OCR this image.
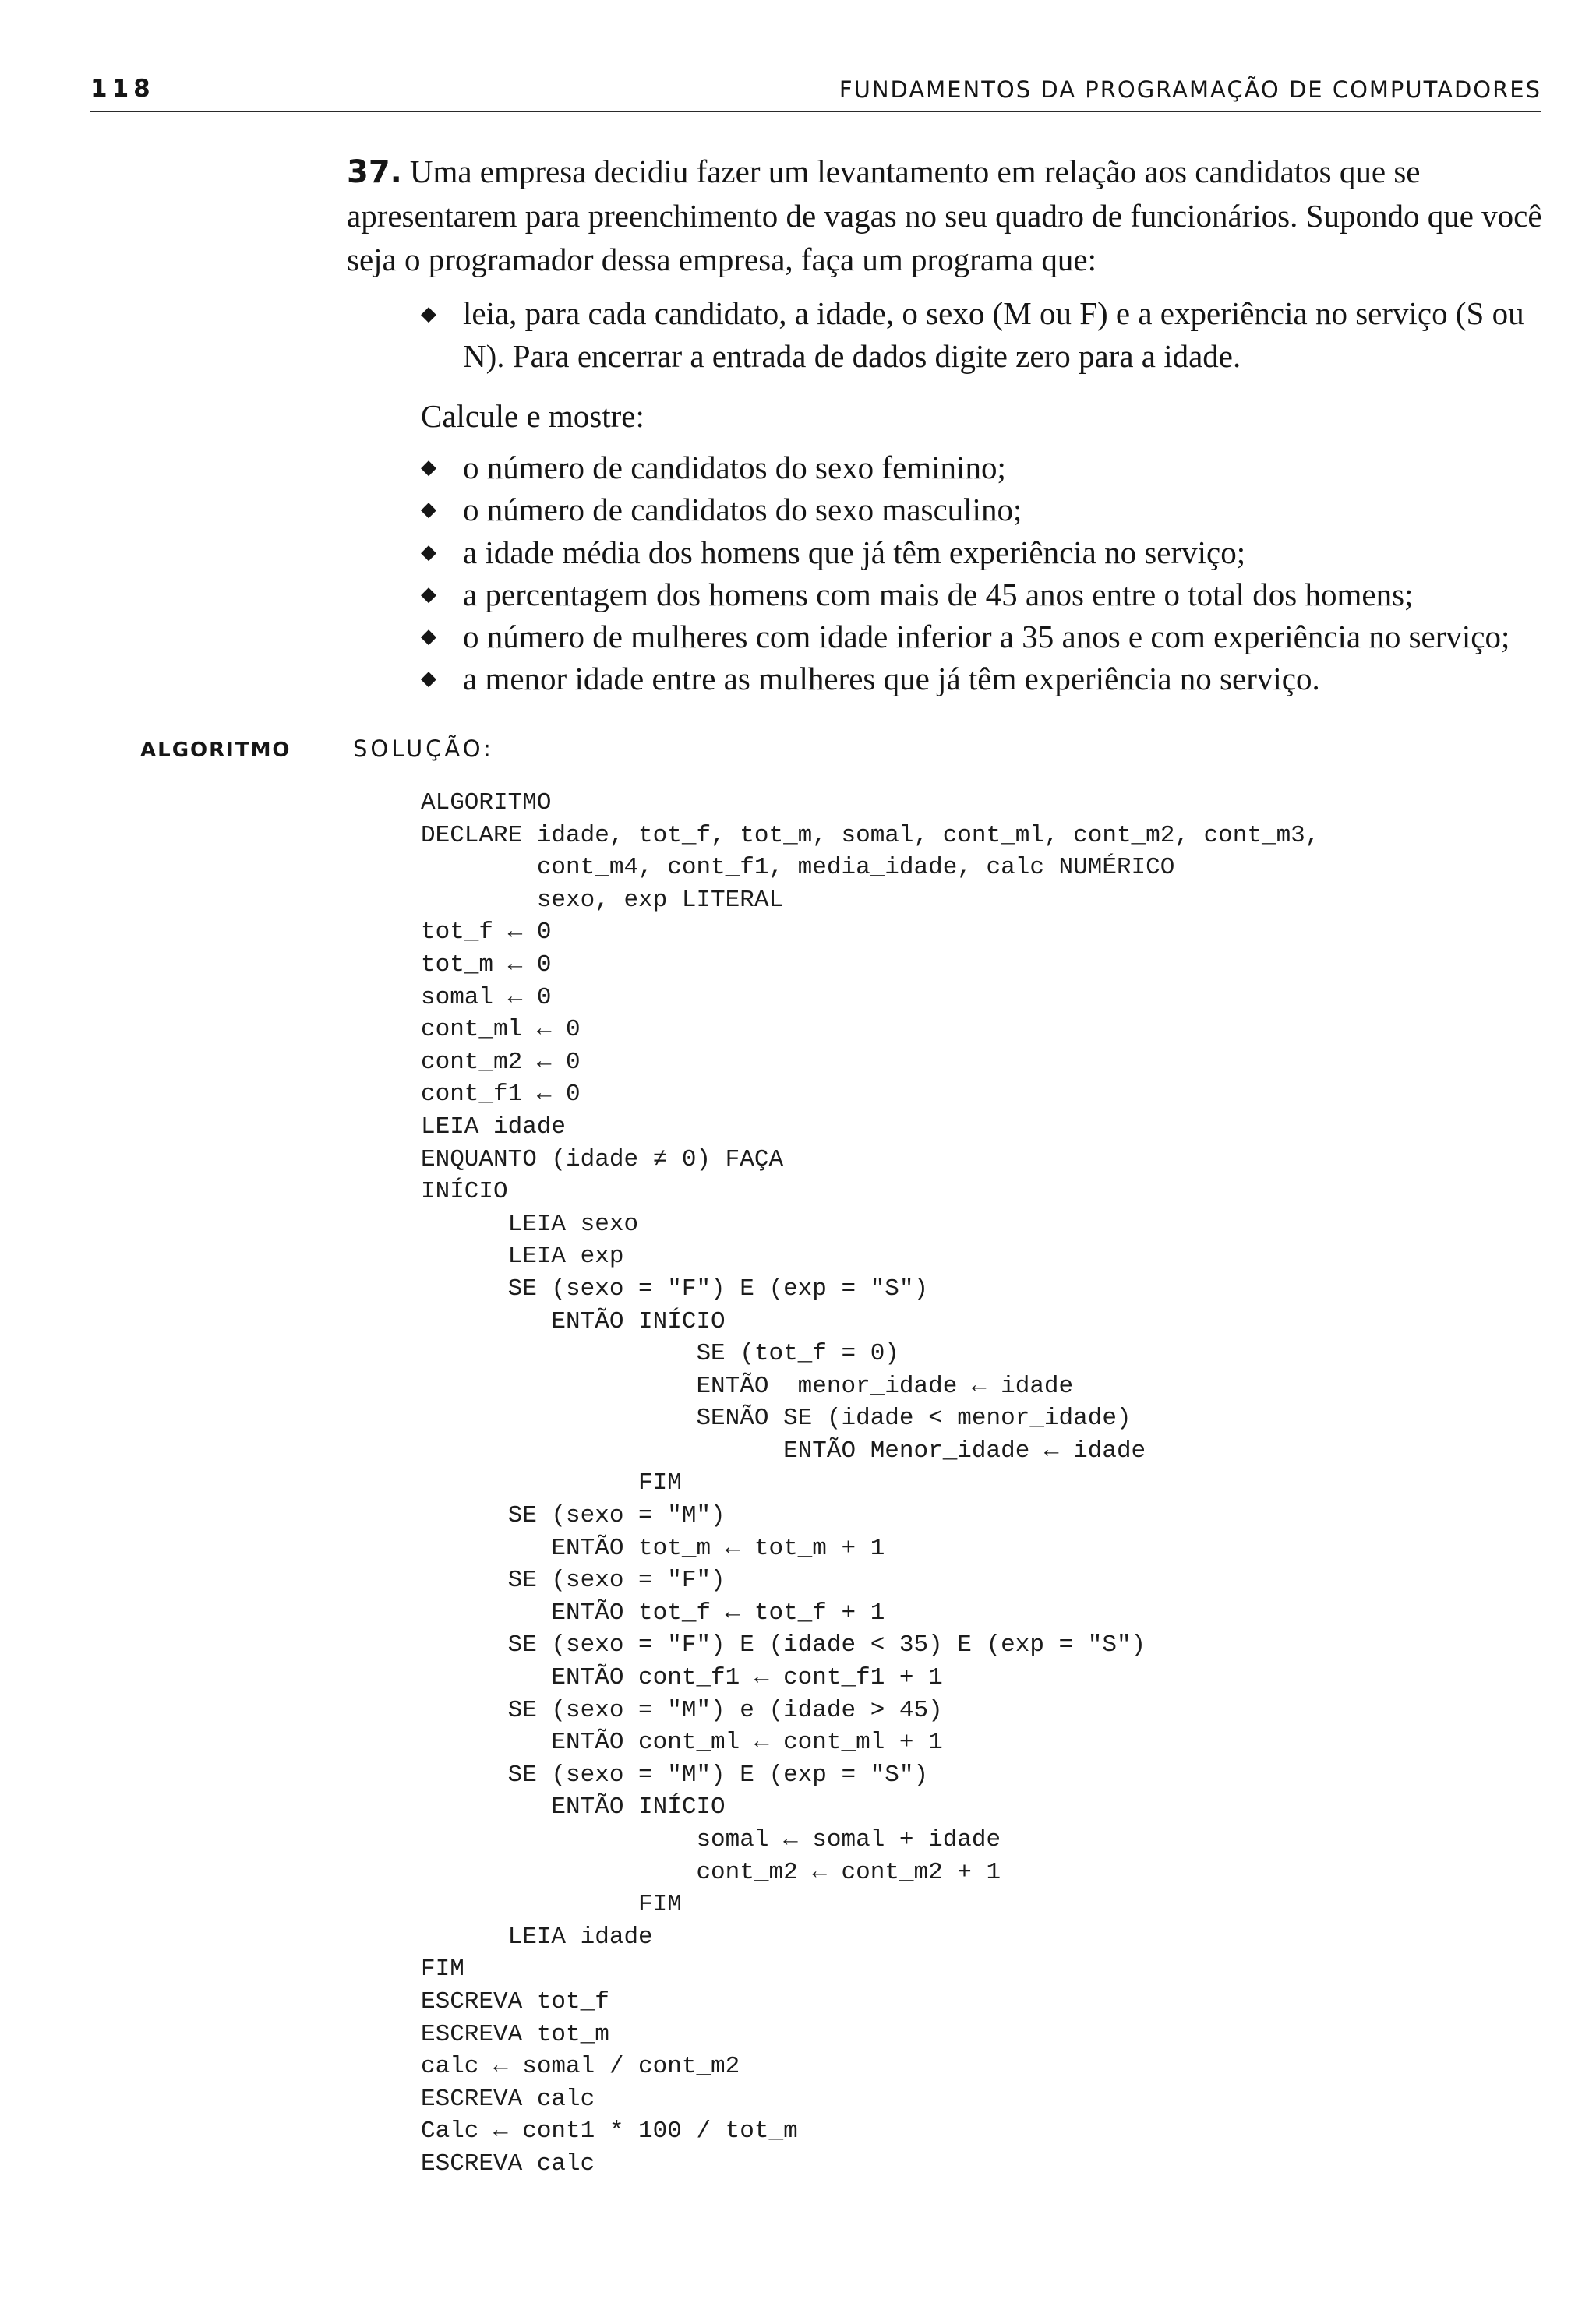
118	FUNDAMENTOS DA PROGRAMAÇÃO DE COMPUTADORES

37. Uma empresa decidiu fazer um levantamento em relação aos candidatos que se apresentarem para preenchimento de vagas no seu quadro de funcionários. Supondo que você seja o programador dessa empresa, faça um programa que:

◆ leia, para cada candidato, a idade, o sexo (M ou F) e a experiência no serviço (S ou N). Para encerrar a entrada de dados digite zero para a idade.
Calcule e mostre:
◆ o número de candidatos do sexo feminino;
◆ o número de candidatos do sexo masculino;
◆ a idade média dos homens que já têm experiência no serviço;
◆ a percentagem dos homens com mais de 45 anos entre o total dos homens;
◆ o número de mulheres com idade inferior a 35 anos e com experiência no serviço;
◆ a menor idade entre as mulheres que já têm experiência no serviço.
ALGORITMO	SOLUÇÃO:
ALGORITMO
DECLARE idade, tot_f, tot_m, somal, cont_ml, cont_m2, cont_m3,
cont_m4, cont_f1, media_idade, calc NUMÉRICO
sexo, exp LITERAL
tot_f ← 0
tot_m ← 0
somal ← 0
cont_ml ← 0
cont_m2 ← 0
cont_f1 ← 0
LEIA idade
ENQUANTO (idade ≠ 0) FAÇA
INÍCIO
LEIA sexo
LEIA exp
SE (sexo = "F") E (exp = "S")
ENTÃO INÍCIO
SE (tot_f = 0)
ENTÃO  menor_idade ← idade
SENÃO SE (idade < menor_idade)
ENTÃO Menor_idade ← idade
FIM
SE (sexo = "M")
ENTÃO tot_m ← tot_m + 1
SE (sexo = "F")
ENTÃO tot_f ← tot_f + 1
SE (sexo = "F") E (idade < 35) E (exp = "S")
ENTÃO cont_f1 ← cont_f1 + 1
SE (sexo = "M") e (idade > 45)
ENTÃO cont_ml ← cont_ml + 1
SE (sexo = "M") E (exp = "S")
ENTÃO INÍCIO
somal ← somal + idade
cont_m2 ← cont_m2 + 1
FIM
LEIA idade
FIM
ESCREVA tot_f
ESCREVA tot_m
calc ← somal / cont_m2
ESCREVA calc
Calc ← cont1 * 100 / tot_m
ESCREVA calc
